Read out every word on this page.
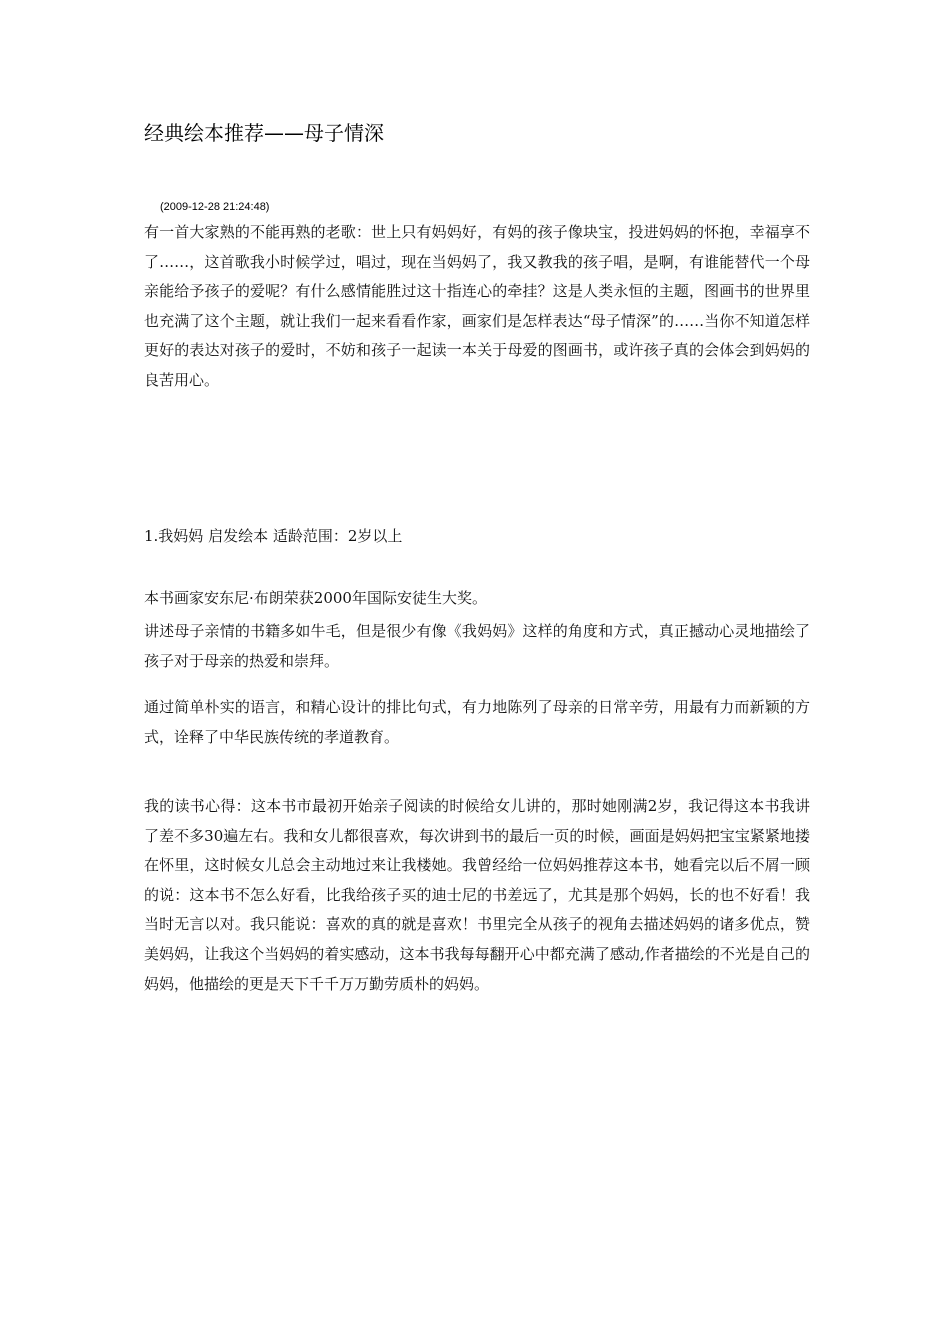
经典绘本推荐——母子情深
(2009-12-28 21:24:48)

有一首大家熟的不能再熟的老歌：世上只有妈妈好，有妈的孩子像块宝，投进妈妈的怀抱，幸福享不了……，这首歌我小时候学过，唱过，现在当妈妈了，我又教我的孩子唱，是啊，有谁能替代一个母亲能给予孩子的爱呢？有什么感情能胜过这十指连心的牵挂？这是人类永恒的主题，图画书的世界里也充满了这个主题，就让我们一起来看看作家，画家们是怎样表达“母子情深”的……当你不知道怎样更好的表达对孩子的爱时，不妨和孩子一起读一本关于母爱的图画书，或许孩子真的会体会到妈妈的良苦用心。

1.我妈妈 启发绘本 适龄范围：2岁以上

本书画家安东尼·布朗荣获2000年国际安徒生大奖。

讲述母子亲情的书籍多如牛毛，但是很少有像《我妈妈》这样的角度和方式，真正撼动心灵地描绘了孩子对于母亲的热爱和崇拜。

通过简单朴实的语言，和精心设计的排比句式，有力地陈列了母亲的日常辛劳，用最有力而新颖的方式，诠释了中华民族传统的孝道教育。

我的读书心得：这本书市最初开始亲子阅读的时候给女儿讲的，那时她刚满2岁，我记得这本书我讲了差不多30遍左右。我和女儿都很喜欢，每次讲到书的最后一页的时候，画面是妈妈把宝宝紧紧地搂在怀里，这时候女儿总会主动地过来让我楼她。我曾经给一位妈妈推荐这本书，她看完以后不屑一顾的说：这本书不怎么好看，比我给孩子买的迪士尼的书差远了，尤其是那个妈妈，长的也不好看！我当时无言以对。我只能说：喜欢的真的就是喜欢！书里完全从孩子的视角去描述妈妈的诸多优点，赞美妈妈，让我这个当妈妈的着实感动，这本书我每每翻开心中都充满了感动,作者描绘的不光是自己的妈妈，他描绘的更是天下千千万万勤劳质朴的妈妈。
